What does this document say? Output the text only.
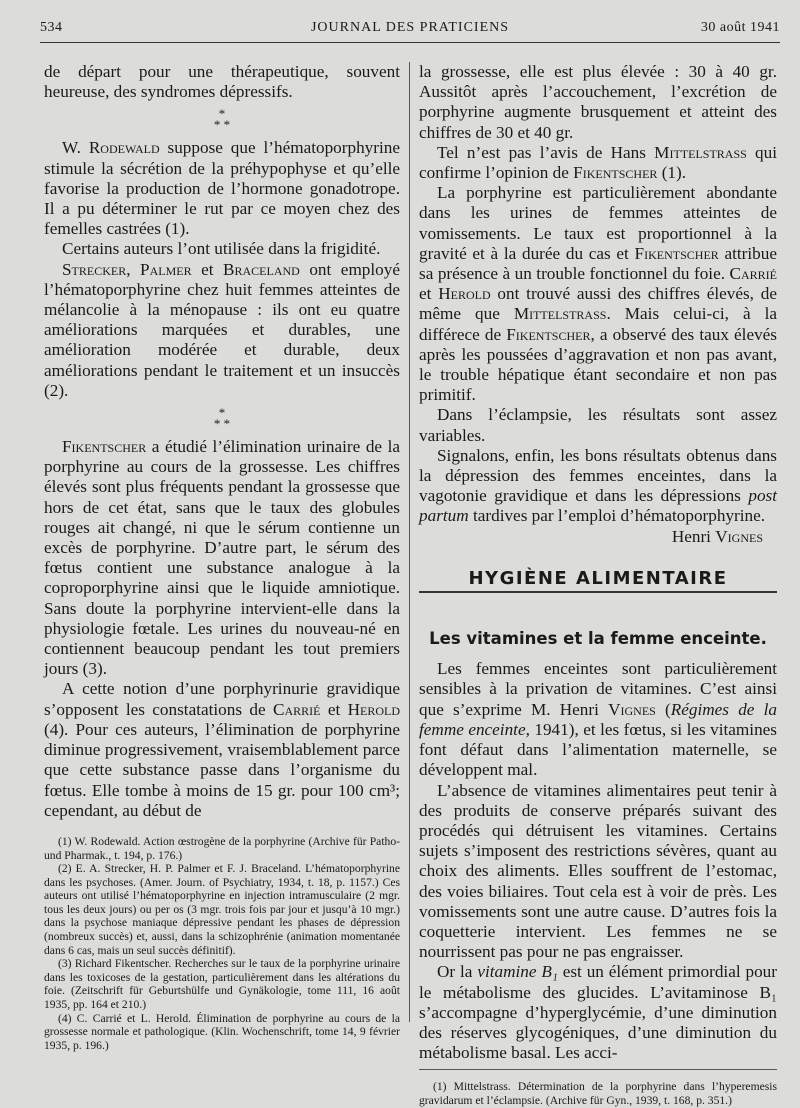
534	JOURNAL DES PRATICIENS	30 août 1941

de départ pour une thérapeutique, souvent heureuse, des syndromes dépressifs.

*
* *

W. Rodewald suppose que l’hématoporphyrine stimule la sécrétion de la préhypophyse et qu’elle favorise la production de l’hormone gonadotrope. Il a pu déterminer le rut par ce moyen chez des femelles castrées (1).

Certains auteurs l’ont utilisée dans la frigidité.

Strecker, Palmer et Braceland ont employé l’hématoporphyrine chez huit femmes atteintes de mélancolie à la ménopause : ils ont eu quatre améliorations marquées et durables, une amélioration modérée et durable, deux améliorations pendant le traitement et un insuccès (2).

*
* *

Fikentscher a étudié l’élimination urinaire de la porphyrine au cours de la grossesse. Les chiffres élevés sont plus fréquents pendant la grossesse que hors de cet état, sans que le taux des globules rouges ait changé, ni que le sérum contienne un excès de porphyrine. D’autre part, le sérum des fœtus contient une substance analogue à la coproporphyrine ainsi que le liquide amniotique. Sans doute la porphyrine intervient-elle dans la physiologie fœtale. Les urines du nouveau-né en contiennent beaucoup pendant les tout premiers jours (3).

A cette notion d’une porphyrinurie gravidique s’opposent les constatations de Carrié et Herold (4). Pour ces auteurs, l’élimination de porphyrine diminue progressivement, vraisemblablement parce que cette substance passe dans l’organisme du fœtus. Elle tombe à moins de 15 gr. pour 100 cm³; cependant, au début de

(1) W. Rodewald. Action œstrogène de la porphyrine (Archive für Patho-und Pharmak., t. 194, p. 176.)

(2) E. A. Strecker, H. P. Palmer et F. J. Braceland. L’hématoporphyrine dans les psychoses. (Amer. Journ. of Psychiatry, 1934, t. 18, p. 1157.) Ces auteurs ont utilisé l’hématoporphyrine en injection intramusculaire (2 mgr. tous les deux jours) ou per os (3 mgr. trois fois par jour et jusqu’à 10 mgr.) dans la psychose maniaque dépressive pendant les phases de dépression (nombreux succès) et, aussi, dans la schizophrénie (animation momentanée dans 6 cas, mais un seul succès définitif).

(3) Richard Fikentscher. Recherches sur le taux de la porphyrine urinaire dans les toxicoses de la gestation, particulièrement dans les altérations du foie. (Zeitschrift für Geburtshülfe und Gynäkologie, tome 111, 16 août 1935, pp. 164 et 210.)

(4) C. Carrié et L. Herold. Élimination de porphyrine au cours de la grossesse normale et pathologique. (Klin. Wochenschrift, tome 14, 9 février 1935, p. 196.)

la grossesse, elle est plus élevée : 30 à 40 gr. Aussitôt après l’accouchement, l’excrétion de porphyrine augmente brusquement et atteint des chiffres de 30 et 40 gr.

Tel n’est pas l’avis de Hans Mittelstrass qui confirme l’opinion de Fikentscher (1).

La porphyrine est particulièrement abondante dans les urines de femmes atteintes de vomissements. Le taux est proportionnel à la gravité et à la durée du cas et Fikentscher attribue sa présence à un trouble fonctionnel du foie. Carrié et Herold ont trouvé aussi des chiffres élevés, de même que Mittelstrass. Mais celui-ci, à la différece de Fikentscher, a observé des taux élevés après les poussées d’aggravation et non pas avant, le trouble hépatique étant secondaire et non pas primitif.

Dans l’éclampsie, les résultats sont assez variables.

Signalons, enfin, les bons résultats obtenus dans la dépression des femmes enceintes, dans la vagotonie gravidique et dans les dépressions post partum tardives par l’emploi d’hématoporphyrine.

Henri Vignes

HYGIÈNE ALIMENTAIRE
Les vitamines et la femme enceinte.

Les femmes enceintes sont particulièrement sensibles à la privation de vitamines. C’est ainsi que s’exprime M. Henri Vignes (Régimes de la femme enceinte, 1941), et les fœtus, si les vitamines font défaut dans l’alimentation maternelle, se développent mal.

L’absence de vitamines alimentaires peut tenir à des produits de conserve préparés suivant des procédés qui détruisent les vitamines. Certains sujets s’imposent des restrictions sévères, quant au choix des aliments. Elles souffrent de l’estomac, des voies biliaires. Tout cela est à voir de près. Les vomissements sont une autre cause. D’autres fois la coquetterie intervient. Les femmes ne se nourrissent pas pour ne pas engraisser.

Or la vitamine B₁ est un élément primordial pour le métabolisme des glucides. L’avitaminose B₁ s’accompagne d’hyperglycémie, d’une diminution des réserves glycogéniques, d’une diminution du métabolisme basal. Les acci-

(1) Mittelstrass. Détermination de la porphyrine dans l’hyperemesis gravidarum et l’éclampsie. (Archive für Gyn., 1939, t. 168, p. 351.)
